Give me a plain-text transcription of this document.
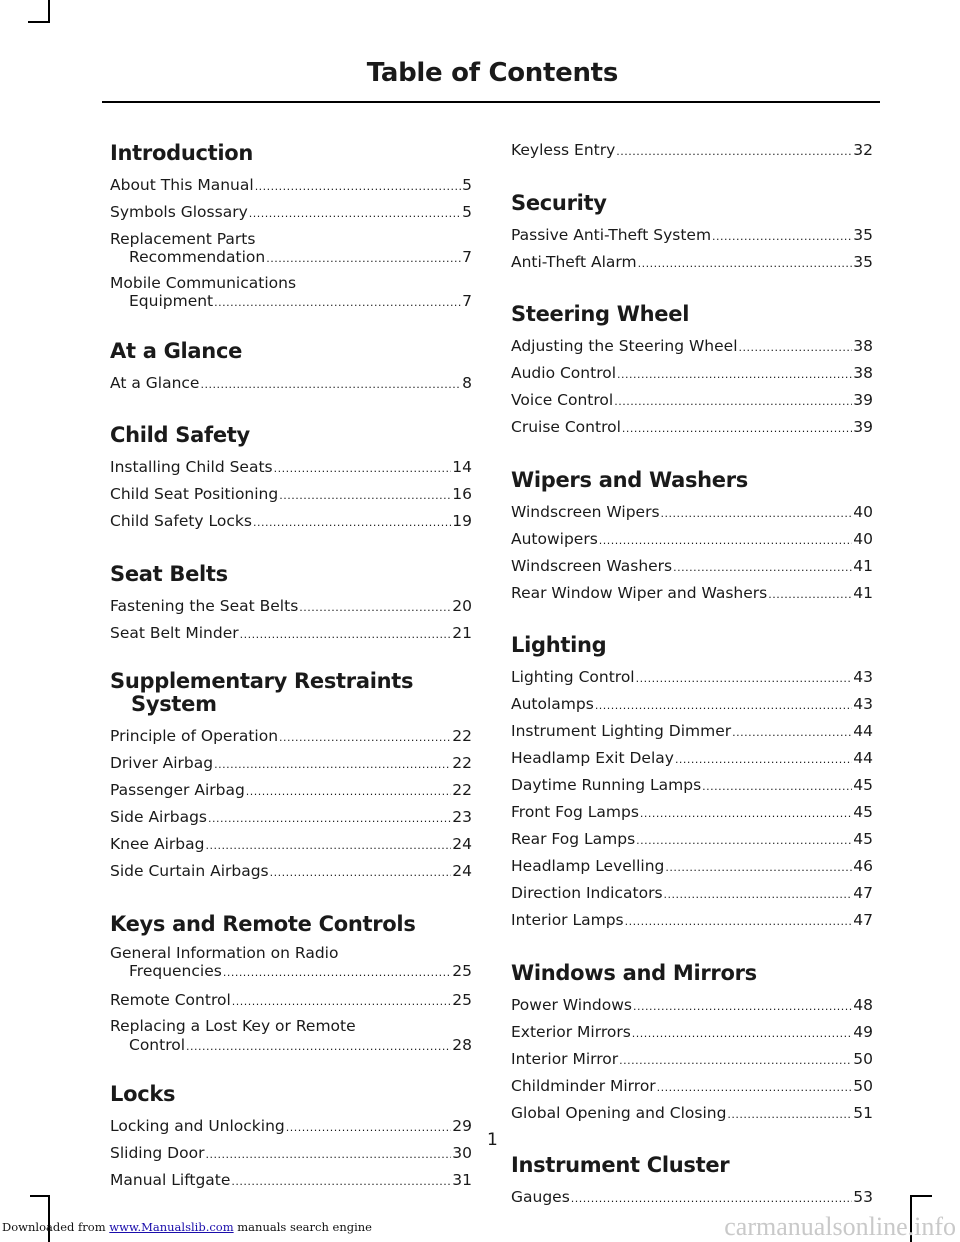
Table of Contents
Introduction
About This Manual .....	5
Symbols Glossary .....	5
Replacement Parts
Recommendation .....	7
Mobile Communications
Equipment .....	7
At a Glance
At a Glance .....	8
Child Safety
Installing Child Seats .....	14
Child Seat Positioning .....	16
Child Safety Locks .....	19
Seat Belts
Fastening the Seat Belts .....	20
Seat Belt Minder .....	21
Supplementary Restraints System
Principle of Operation .....	22
Driver Airbag .....	22
Passenger Airbag .....	22
Side Airbags .....	23
Knee Airbag .....	24
Side Curtain Airbags .....	24
Keys and Remote Controls
General Information on Radio
Frequencies .....	25
Remote Control .....	25
Replacing a Lost Key or Remote
Control .....	28
Locks
Locking and Unlocking .....	29
Sliding Door .....	30
Manual Liftgate .....	31
Keyless Entry .....	32
Security
Passive Anti-Theft System .....	35
Anti-Theft Alarm .....	35
Steering Wheel
Adjusting the Steering Wheel .....	38
Audio Control .....	38
Voice Control .....	39
Cruise Control .....	39
Wipers and Washers
Windscreen Wipers .....	40
Autowipers .....	40
Windscreen Washers .....	41
Rear Window Wiper and Washers .....	41
Lighting
Lighting Control .....	43
Autolamps .....	43
Instrument Lighting Dimmer .....	44
Headlamp Exit Delay .....	44
Daytime Running Lamps .....	45
Front Fog Lamps .....	45
Rear Fog Lamps .....	45
Headlamp Levelling .....	46
Direction Indicators .....	47
Interior Lamps .....	47
Windows and Mirrors
Power Windows .....	48
Exterior Mirrors .....	49
Interior Mirror .....	50
Childminder Mirror .....	50
Global Opening and Closing .....	51
Instrument Cluster
Gauges .....	53
1
Downloaded from www.Manualslib.com manuals search engine	carmanualsonline.info
